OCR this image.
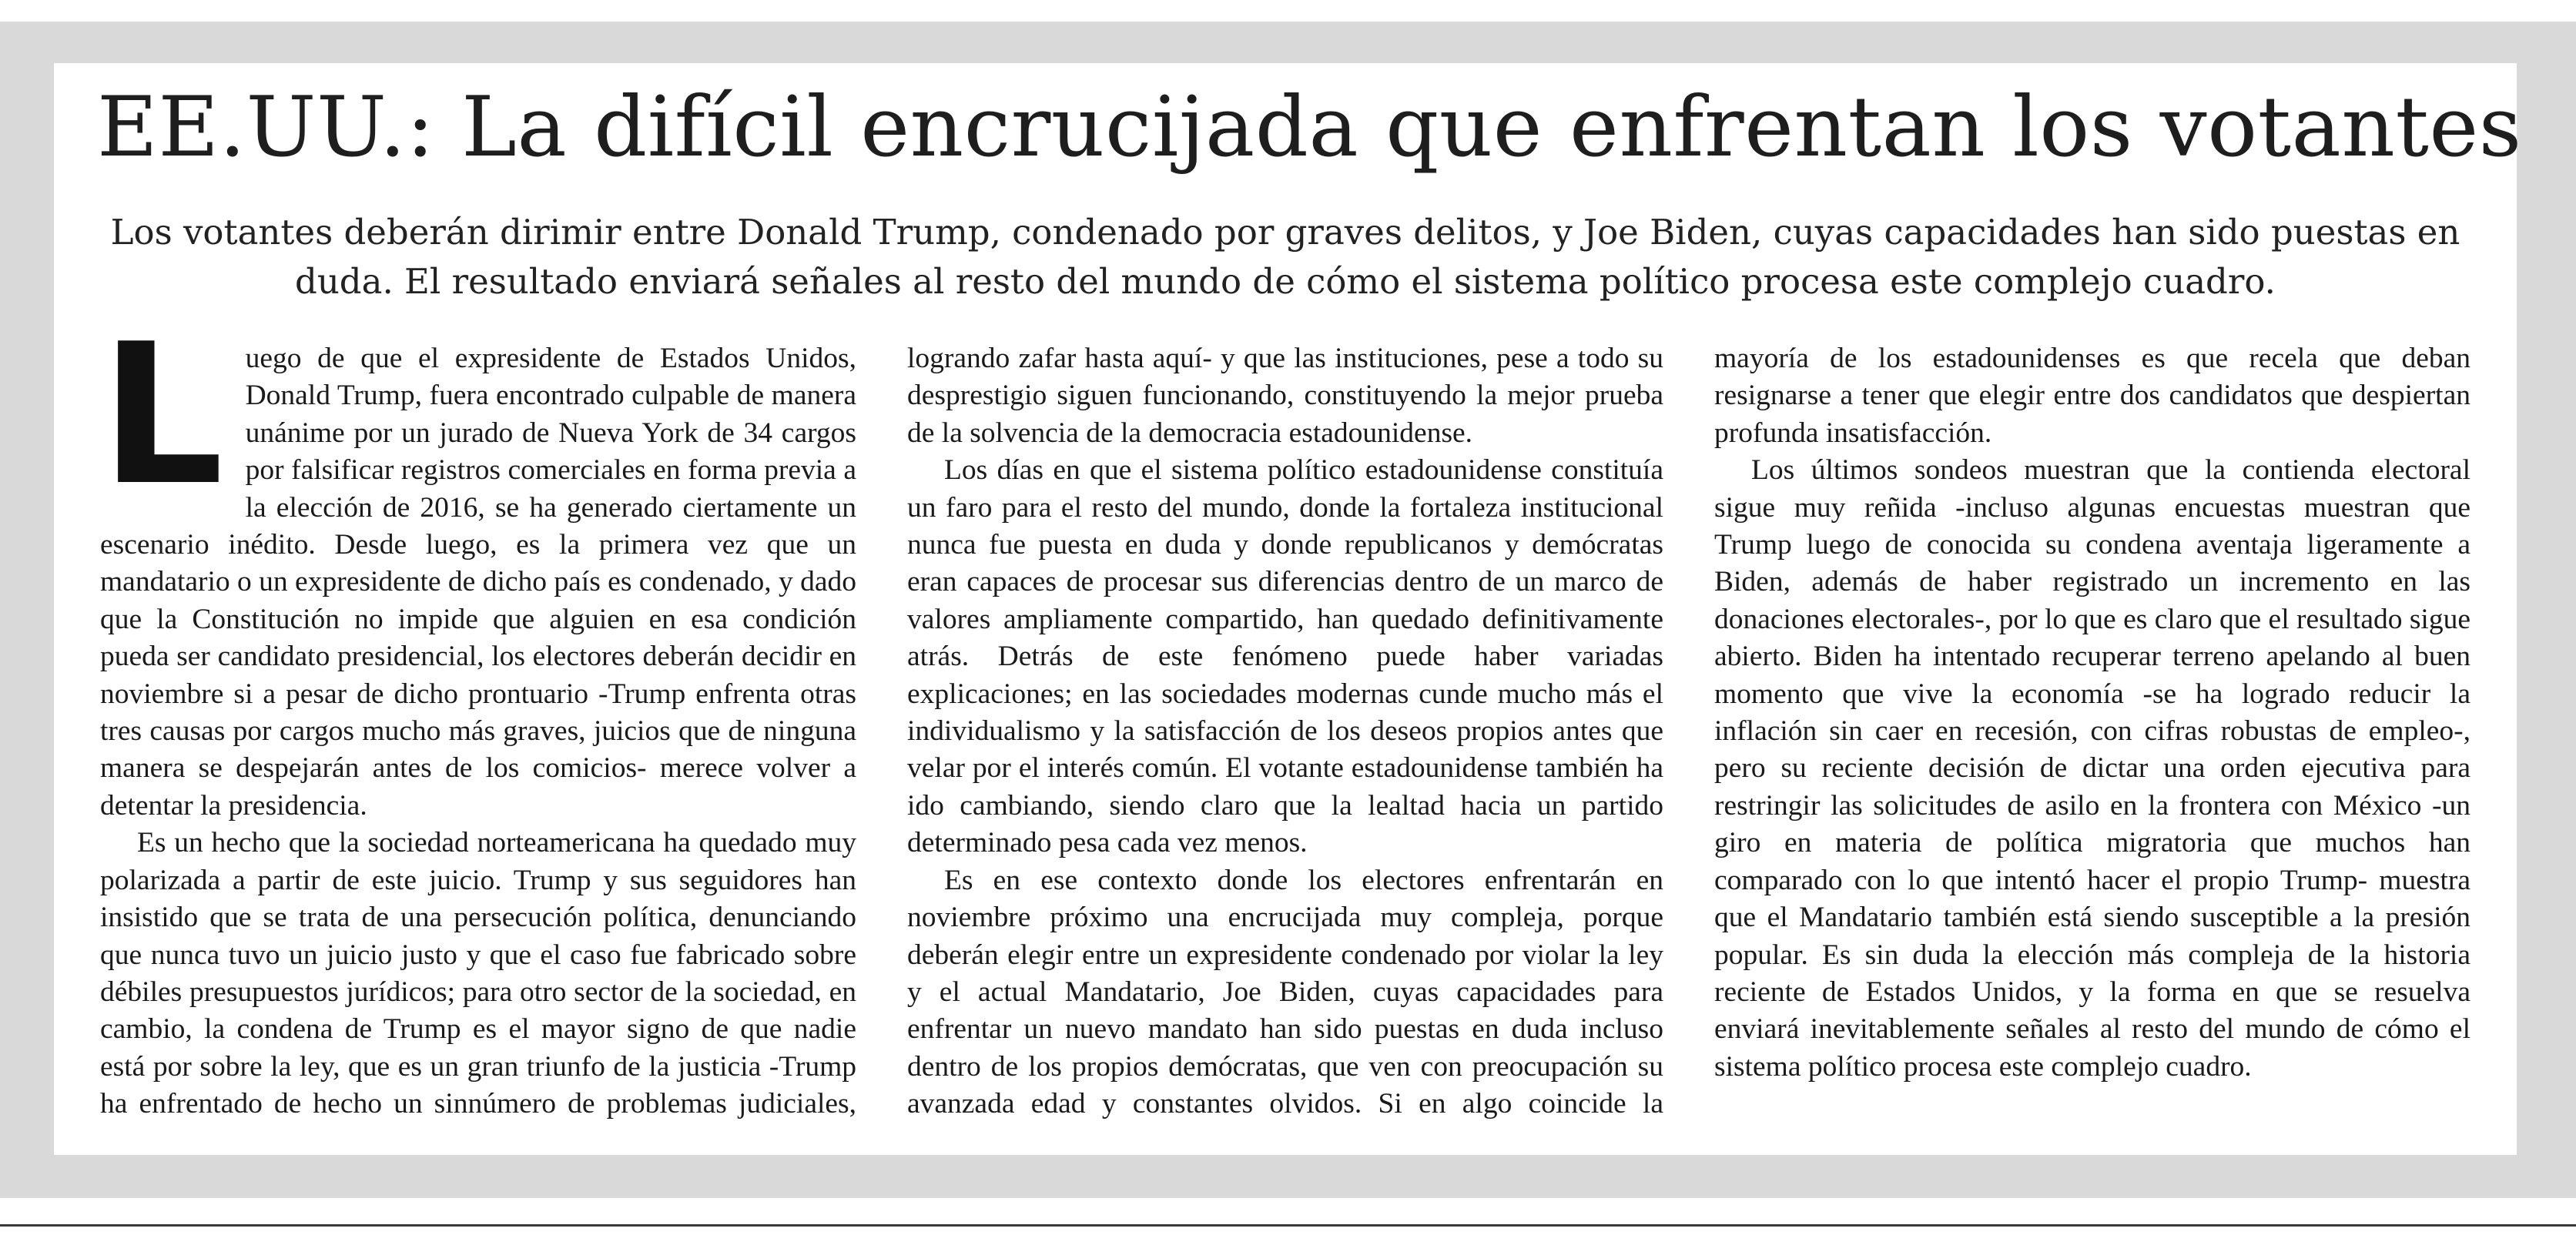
EE.UU.: La difícil encrucijada que enfrentan los votantes

Los votantes deberán dirimir entre Donald Trump, condenado por graves delitos, y Joe Biden, cuyas capacidades han sido puestas en duda. El resultado enviará señales al resto del mundo de cómo el sistema político procesa este complejo cuadro.

Luego de que el expresidente de Estados Unidos, Donald Trump, fuera encontrado culpable de manera unánime por un jurado de Nueva York de 34 cargos por falsificar registros comerciales en forma previa a la elección de 2016, se ha generado ciertamente un escenario inédito. Desde luego, es la primera vez que un mandatario o un expresidente de dicho país es condenado, y dado que la Constitución no impide que alguien en esa condición pueda ser candidato presidencial, los electores deberán decidir en noviembre si a pesar de dicho prontuario -Trump enfrenta otras tres causas por cargos mucho más graves, juicios que de ninguna manera se despejarán antes de los comicios- merece volver a detentar la presidencia.

Es un hecho que la sociedad norteamericana ha quedado muy polarizada a partir de este juicio. Trump y sus seguidores han insistido que se trata de una persecución política, denunciando que nunca tuvo un juicio justo y que el caso fue fabricado sobre débiles presupuestos jurídicos; para otro sector de la sociedad, en cambio, la condena de Trump es el mayor signo de que nadie está por sobre la ley, que es un gran triunfo de la justicia -Trump ha enfrentado de hecho un sinnúmero de problemas judiciales, logrando zafar hasta aquí- y que las instituciones, pese a todo su desprestigio siguen funcionando, constituyendo la mejor prueba de la solvencia de la democracia estadounidense.

Los días en que el sistema político estadounidense constituía un faro para el resto del mundo, donde la fortaleza institucional nunca fue puesta en duda y donde republicanos y demócratas eran capaces de procesar sus diferencias dentro de un marco de valores ampliamente compartido, han quedado definitivamente atrás. Detrás de este fenómeno puede haber variadas explicaciones; en las sociedades modernas cunde mucho más el individualismo y la satisfacción de los deseos propios antes que velar por el interés común. El votante estadounidense también ha ido cambiando, siendo claro que la lealtad hacia un partido determinado pesa cada vez menos.

Es en ese contexto donde los electores enfrentarán en noviembre próximo una encrucijada muy compleja, porque deberán elegir entre un expresidente condenado por violar la ley y el actual Mandatario, Joe Biden, cuyas capacidades para enfrentar un nuevo mandato han sido puestas en duda incluso dentro de los propios demócratas, que ven con preocupación su avanzada edad y constantes olvidos. Si en algo coincide la mayoría de los estadounidenses es que recela que deban resignarse a tener que elegir entre dos candidatos que despiertan profunda insatisfacción.

Los últimos sondeos muestran que la contienda electoral sigue muy reñida -incluso algunas encuestas muestran que Trump luego de conocida su condena aventaja ligeramente a Biden, además de haber registrado un incremento en las donaciones electorales-, por lo que es claro que el resultado sigue abierto. Biden ha intentado recuperar terreno apelando al buen momento que vive la economía -se ha logrado reducir la inflación sin caer en recesión, con cifras robustas de empleo-, pero su reciente decisión de dictar una orden ejecutiva para restringir las solicitudes de asilo en la frontera con México -un giro en materia de política migratoria que muchos han comparado con lo que intentó hacer el propio Trump- muestra que el Mandatario también está siendo susceptible a la presión popular. Es sin duda la elección más compleja de la historia reciente de Estados Unidos, y la forma en que se resuelva enviará inevitablemente señales al resto del mundo de cómo el sistema político procesa este complejo cuadro.
